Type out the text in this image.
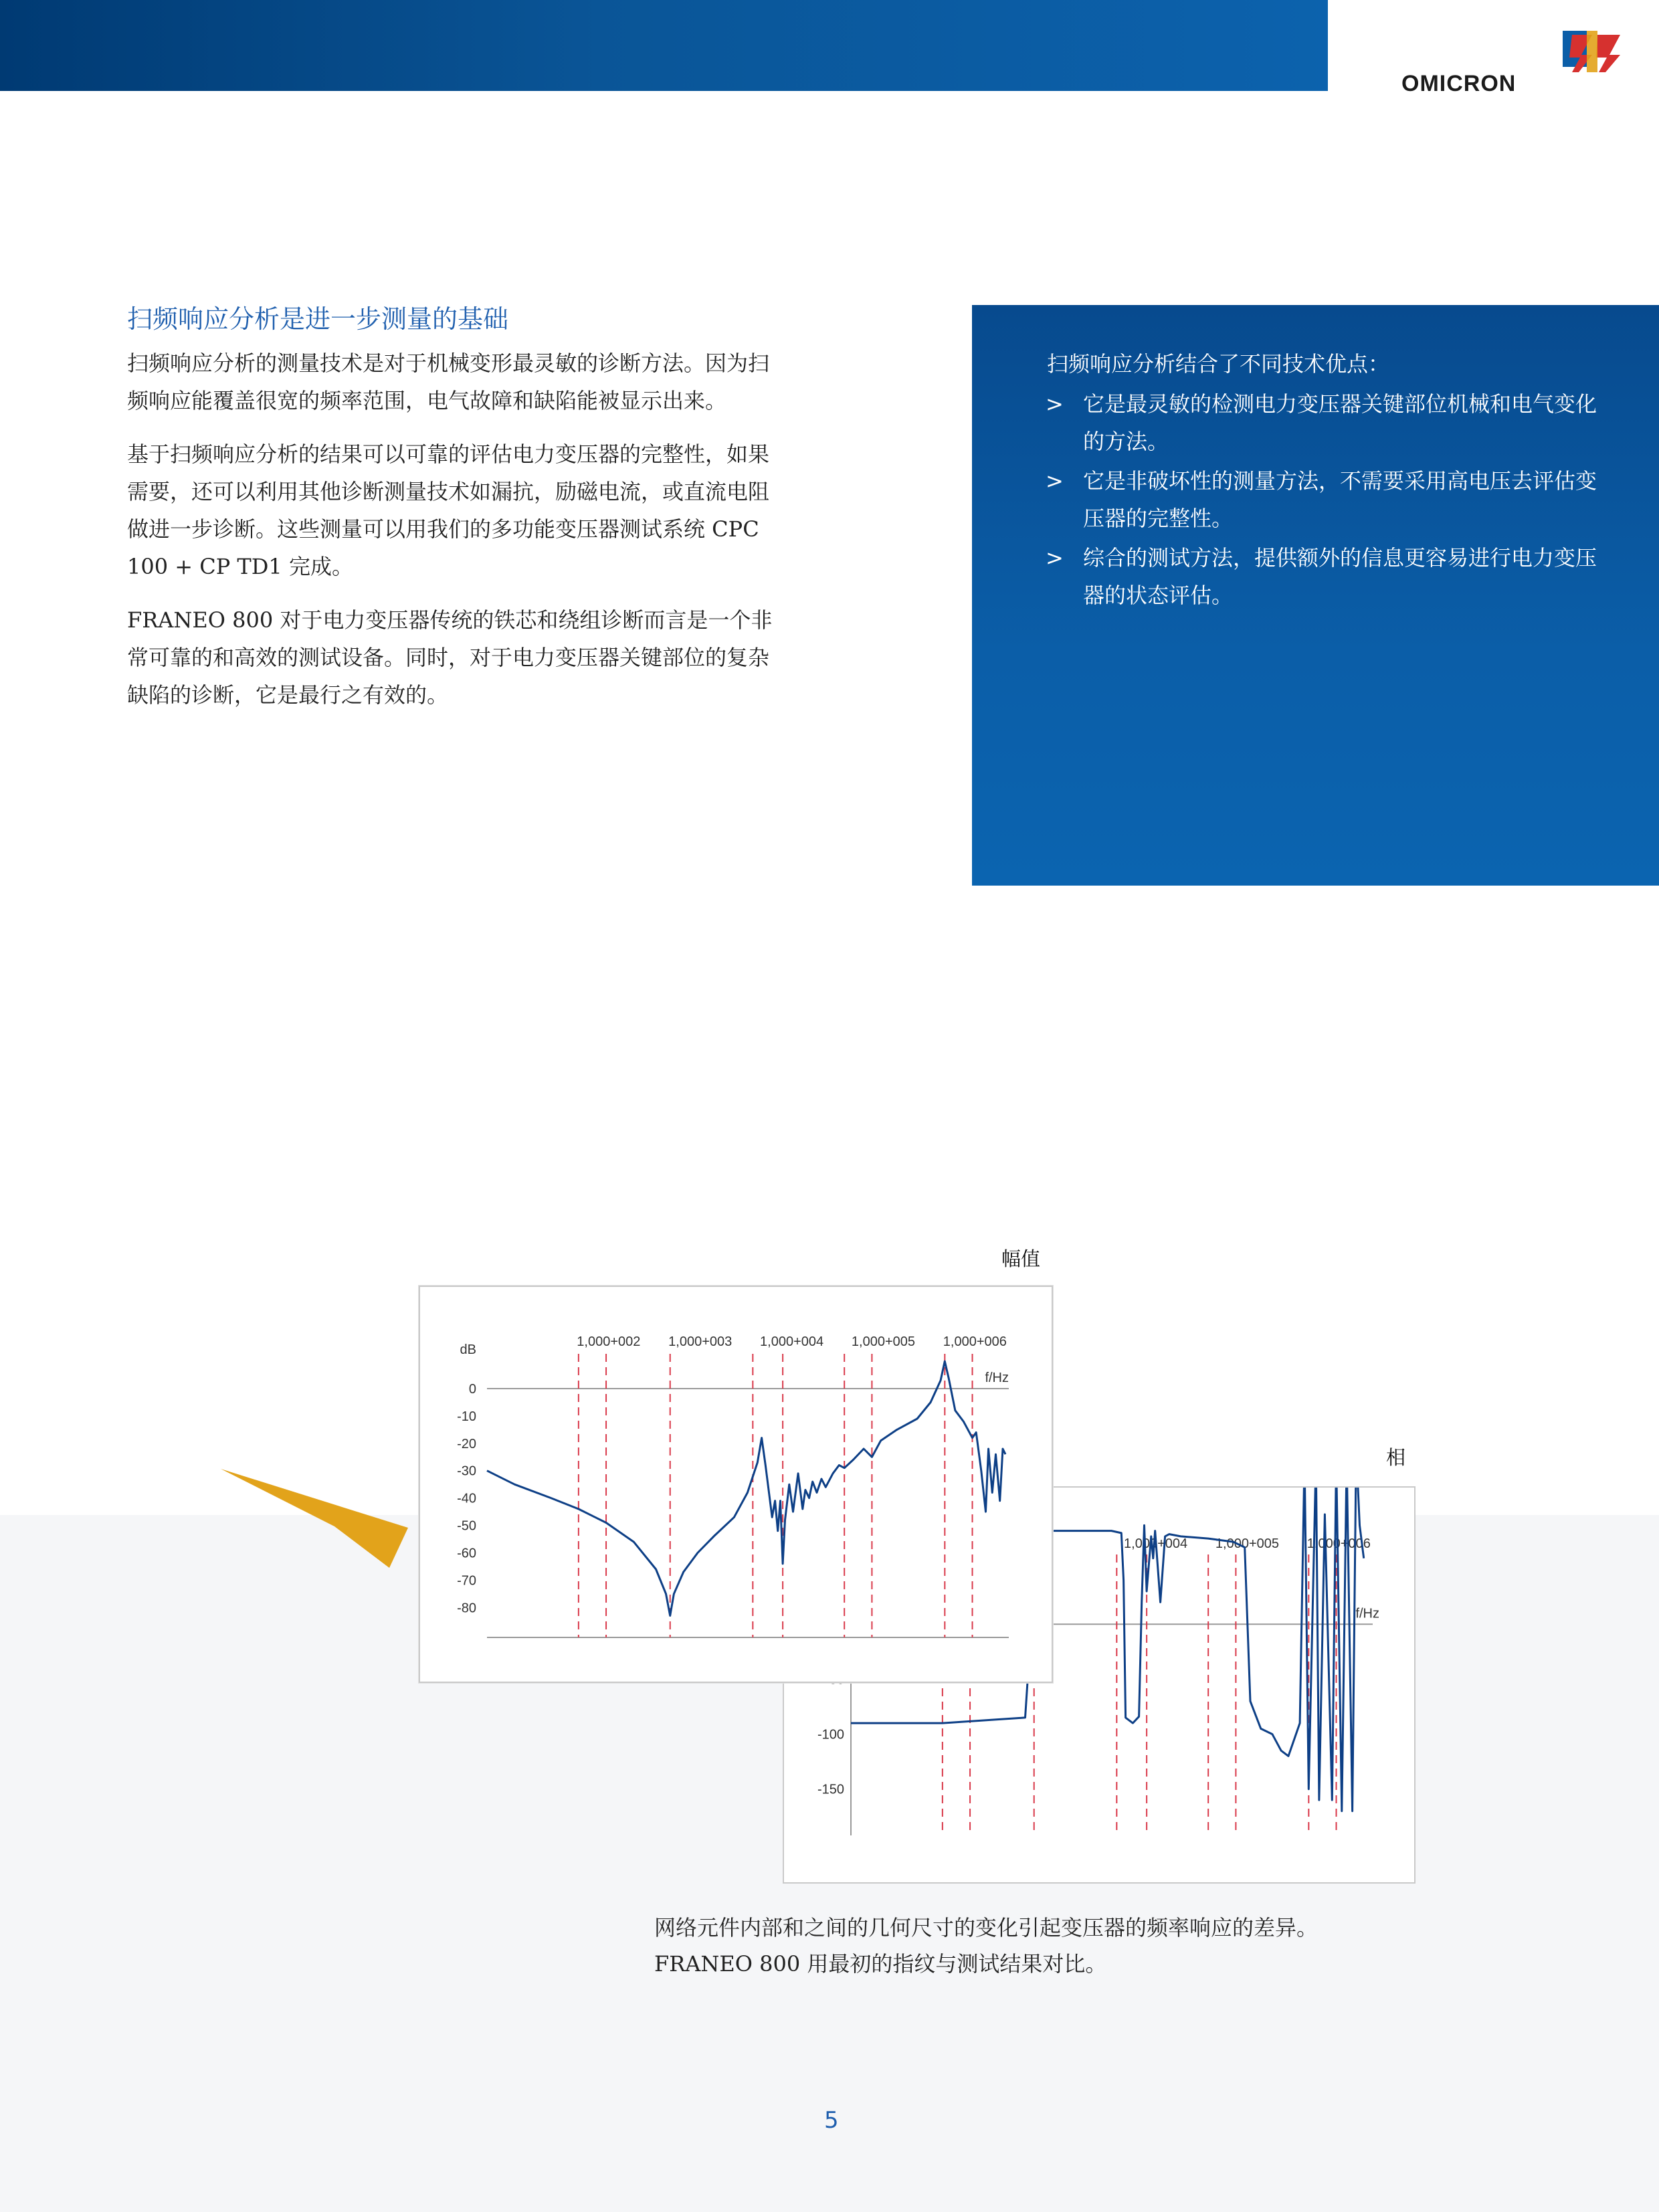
OMICRON
扫频响应分析是进一步测量的基础

扫频响应分析的测量技术是对于机械变形最灵敏的诊断方法。因为扫频响应能覆盖很宽的频率范围，电气故障和缺陷能被显示出来。

基于扫频响应分析的结果可以可靠的评估电力变压器的完整性，如果需要，还可以利用其他诊断测量技术如漏抗，励磁电流，或直流电阻做进一步诊断。这些测量可以用我们的多功能变压器测试系统 CPC 100 + CP TD1 完成。

FRANEO 800 对于电力变压器传统的铁芯和绕组诊断而言是一个非常可靠的和高效的测试设备。同时，对于电力变压器关键部位的复杂缺陷的诊断，它是最行之有效的。

扫频响应分析结合了不同技术优点：
> 它是最灵敏的检测电力变压器关键部位机械和电气变化的方法。
> 它是非破坏性的测量方法，不需要采用高电压去评估变压器的完整性。
> 综合的测试方法，提供额外的信息更容易进行电力变压器的状态评估。
相
1,000+004 1,000+005 1,000+006
-100
-150
f/Hz
幅值
1,000+002 1,000+003 1,000+004 1,000+005 1,000+006
0
-10
-20
-30
-40
-50
-60
-70
-80
dB
f/Hz
网络元件内部和之间的几何尺寸的变化引起变压器的频率响应的差异。
FRANEO 800 用最初的指纹与测试结果对比。
5
